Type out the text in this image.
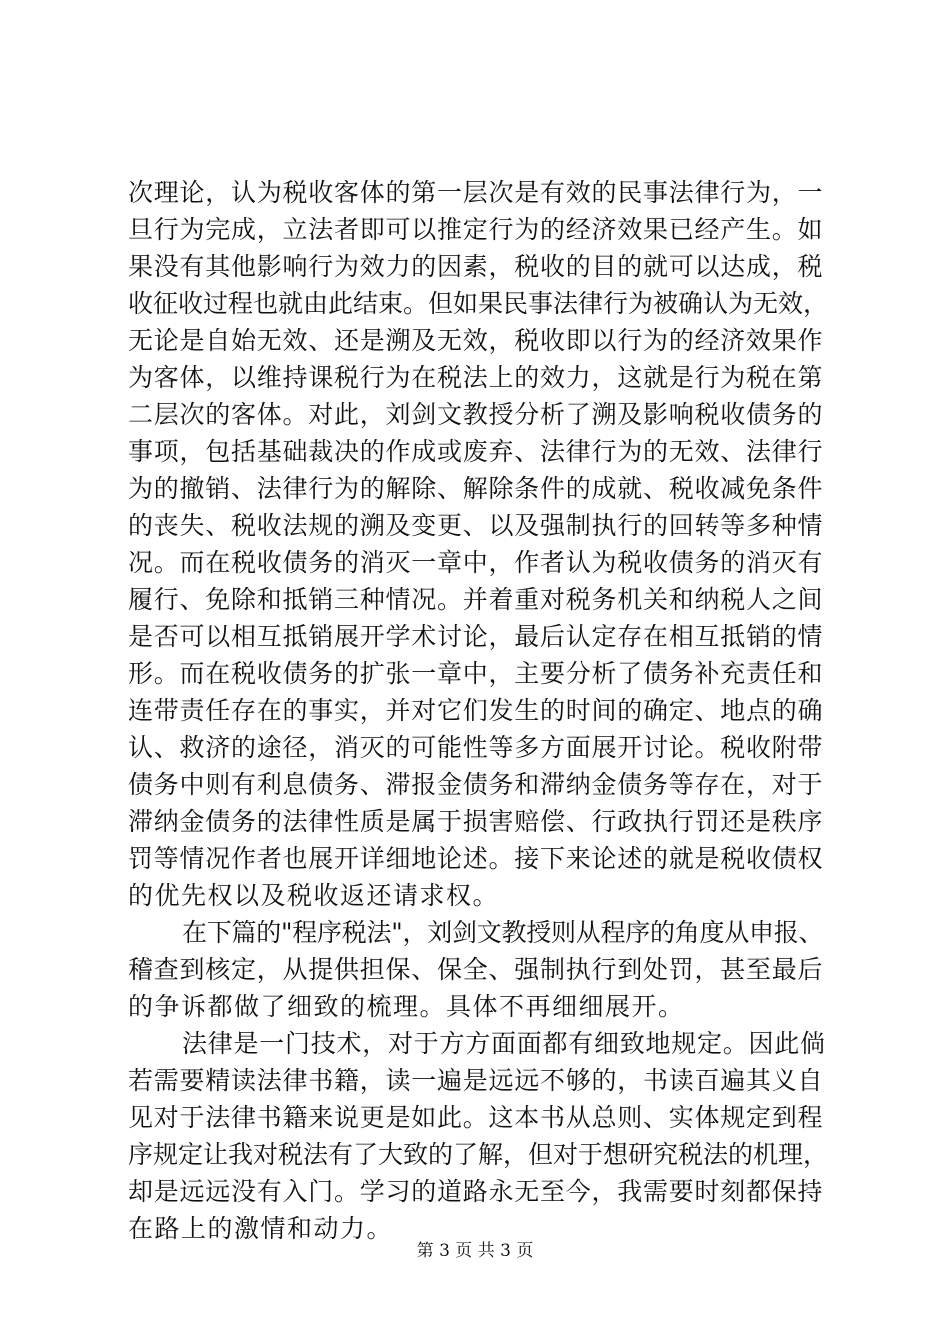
次理论，认为税收客体的第一层次是有效的民事法律行为，一
旦行为完成，立法者即可以推定行为的经济效果已经产生。如
果没有其他影响行为效力的因素，税收的目的就可以达成，税
收征收过程也就由此结束。但如果民事法律行为被确认为无效，
无论是自始无效、还是溯及无效，税收即以行为的经济效果作
为客体，以维持课税行为在税法上的效力，这就是行为税在第
二层次的客体。对此，刘剑文教授分析了溯及影响税收债务的
事项，包括基础裁决的作成或废弃、法律行为的无效、法律行
为的撤销、法律行为的解除、解除条件的成就、税收减免条件
的丧失、税收法规的溯及变更、以及强制执行的回转等多种情
况。而在税收债务的消灭一章中，作者认为税收债务的消灭有
履行、免除和抵销三种情况。并着重对税务机关和纳税人之间
是否可以相互抵销展开学术讨论，最后认定存在相互抵销的情
形。而在税收债务的扩张一章中，主要分析了债务补充责任和
连带责任存在的事实，并对它们发生的时间的确定、地点的确
认、救济的途径，消灭的可能性等多方面展开讨论。税收附带
债务中则有利息债务、滞报金债务和滞纳金债务等存在，对于
滞纳金债务的法律性质是属于损害赔偿、行政执行罚还是秩序
罚等情况作者也展开详细地论述。接下来论述的就是税收债权
的优先权以及税收返还请求权。
在下篇的"程序税法"，刘剑文教授则从程序的角度从申报、
稽查到核定，从提供担保、保全、强制执行到处罚，甚至最后
的争诉都做了细致的梳理。具体不再细细展开。
法律是一门技术，对于方方面面都有细致地规定。因此倘
若需要精读法律书籍，读一遍是远远不够的，书读百遍其义自
见对于法律书籍来说更是如此。这本书从总则、实体规定到程
序规定让我对税法有了大致的了解，但对于想研究税法的机理，
却是远远没有入门。学习的道路永无至今，我需要时刻都保持
在路上的激情和动力。
第 3 页 共 3 页
